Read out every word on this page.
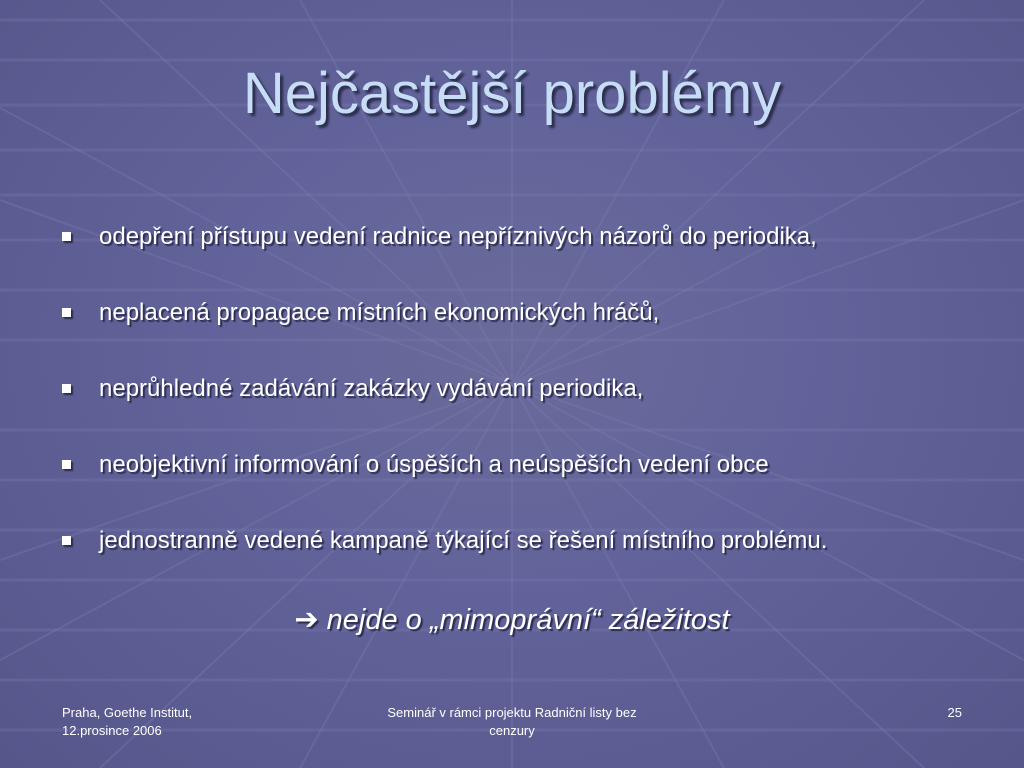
Nejčastější problémy
odepření přístupu vedení radnice nepříznivých názorů do periodika,
neplacená propagace místních ekonomických hráčů,
neprůhledné zadávání zakázky vydávání periodika,
neobjektivní informování o úspěších a neúspěších vedení obce
jednostranně vedené kampaně týkající se řešení místního problému.
➔ nejde o „mimoprávní“ záležitost
Praha, Goethe Institut,
12.prosince 2006
Seminář v rámci projektu Radniční listy bez
cenzury
25
